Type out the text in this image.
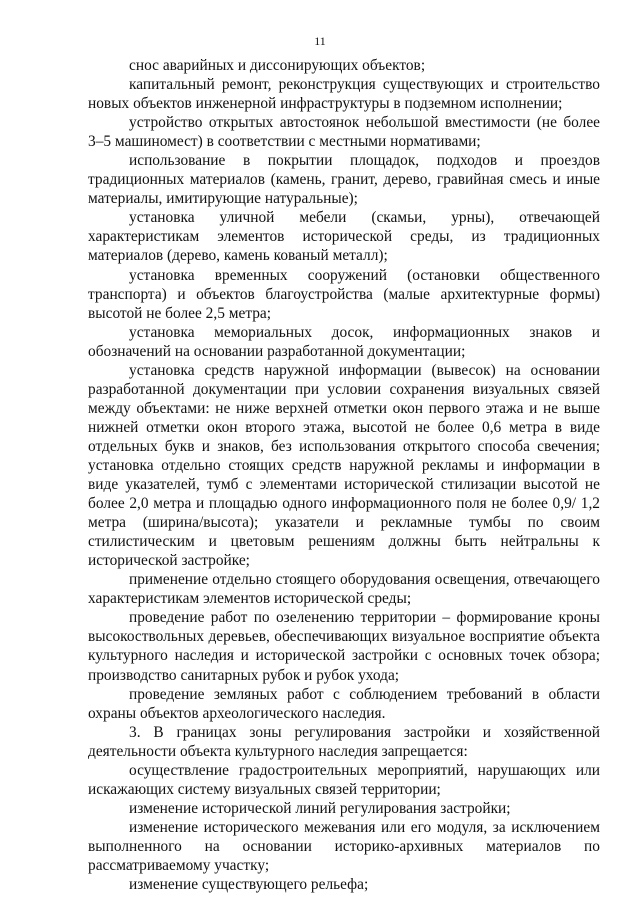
11

снос аварийных и диссонирующих объектов;

капитальный ремонт, реконструкция существующих и строительство новых объектов инженерной инфраструктуры в подземном исполнении;

устройство открытых автостоянок небольшой вместимости (не более 3–5 машиномест) в соответствии с местными нормативами;

использование в покрытии площадок, подходов и проездов традиционных материалов (камень, гранит, дерево, гравийная смесь и иные материалы, имитирующие натуральные);

установка уличной мебели (скамьи, урны), отвечающей характеристикам элементов исторической среды, из традиционных материалов (дерево, камень кованый металл);

установка временных сооружений (остановки общественного транспорта) и объектов благоустройства (малые архитектурные формы) высотой не более 2,5 метра;

установка мемориальных досок, информационных знаков и обозначений на основании разработанной документации;

установка средств наружной информации (вывесок) на основании разработанной документации при условии сохранения визуальных связей между объектами: не ниже верхней отметки окон первого этажа и не выше нижней отметки окон второго этажа, высотой не более 0,6 метра в виде отдельных букв и знаков, без использования открытого способа свечения; установка отдельно стоящих средств наружной рекламы и информации в виде указателей, тумб с элементами исторической стилизации высотой не более 2,0 метра и площадью одного информационного поля не более 0,9/ 1,2 метра (ширина/высота); указатели и рекламные тумбы по своим стилистическим и цветовым решениям должны быть нейтральны к исторической застройке;

применение отдельно стоящего оборудования освещения, отвечающего характеристикам элементов исторической среды;

проведение работ по озеленению территории – формирование кроны высокоствольных деревьев, обеспечивающих визуальное восприятие объекта культурного наследия и исторической застройки с основных точек обзора; производство санитарных рубок и рубок ухода;

проведение земляных работ с соблюдением требований в области охраны объектов археологического наследия.

3. В границах зоны регулирования застройки и хозяйственной деятельности объекта культурного наследия запрещается:

осуществление градостроительных мероприятий, нарушающих или искажающих систему визуальных связей территории;

изменение исторической линий регулирования застройки;

изменение исторического межевания или его модуля, за исключением выполненного на основании историко-архивных материалов по рассматриваемому участку;

изменение существующего рельефа;
